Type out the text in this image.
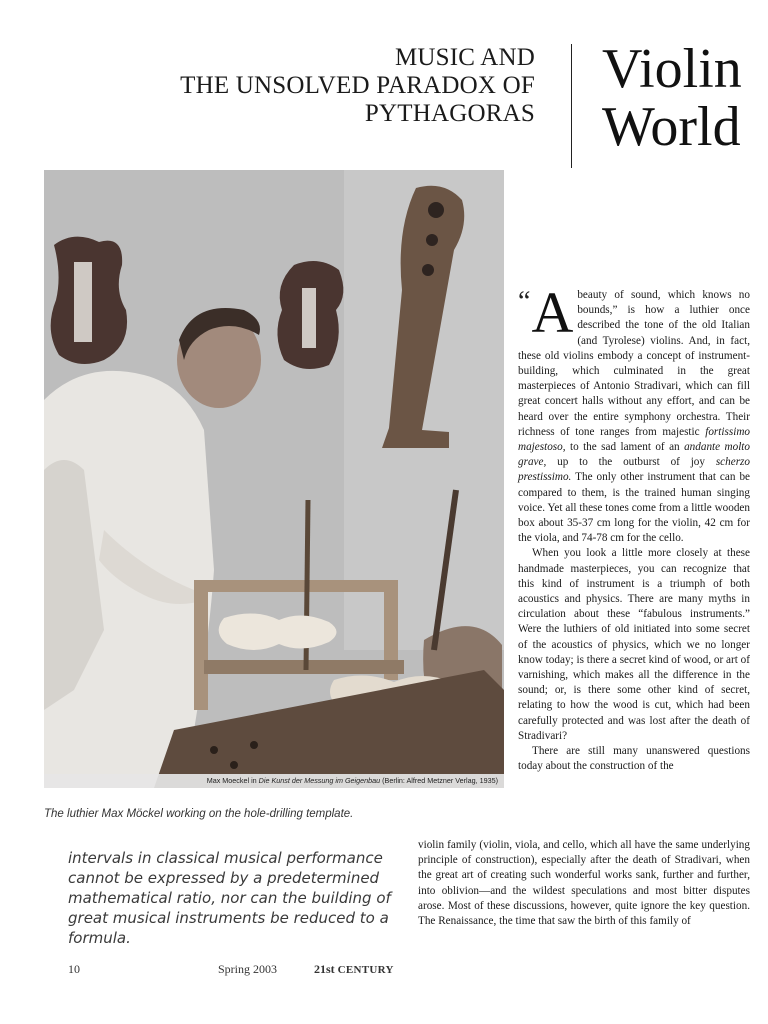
MUSIC AND
THE UNSOLVED PARADOX OF
PYTHAGORAS
Violin
World
Max Moeckel in Die Kunst der Messung im Geigenbau (Berlin: Alfred Metzner Verlag, 1935)
The luthier Max Möckel working on the hole-drilling template.
intervals in classical musical performance cannot be expressed by a predetermined mathematical ratio, nor can the building of great musical instruments be reduced to a formula.

“ A beauty of sound, which knows no bounds,” is how a luthier once described the tone of the old Italian (and Tyrolese) violins. And, in fact, these old violins embody a concept of instrument-building, which culminated in the great masterpieces of Antonio Stradivari, which can fill great concert halls without any effort, and can be heard over the entire symphony orchestra. Their richness of tone ranges from majestic fortissimo majestoso, to the sad lament of an andante molto grave, up to the outburst of joy scherzo prestissimo. The only other instrument that can be compared to them, is the trained human singing voice. Yet all these tones come from a little wooden box about 35-37 cm long for the violin, 42 cm for the viola, and 74-78 cm for the cello.

When you look a little more closely at these handmade masterpieces, you can recognize that this kind of instrument is a triumph of both acoustics and physics. There are many myths in circulation about these “fabulous instruments.” Were the luthiers of old initiated into some secret of the acoustics of physics, which we no longer know today; is there a secret kind of wood, or art of varnishing, which makes all the difference in the sound; or, is there some other kind of secret, relating to how the wood is cut, which had been carefully protected and was lost after the death of Stradivari?

There are still many unanswered questions today about the construction of the

violin family (violin, viola, and cello, which all have the same underlying principle of construction), especially after the death of Stradivari, when the great art of creating such wonderful works sank, further and further, into oblivion—and the wildest speculations and most bitter disputes arose. Most of these discussions, however, quite ignore the key question. The Renaissance, the time that saw the birth of this family of

10	Spring 2003	21st CENTURY
